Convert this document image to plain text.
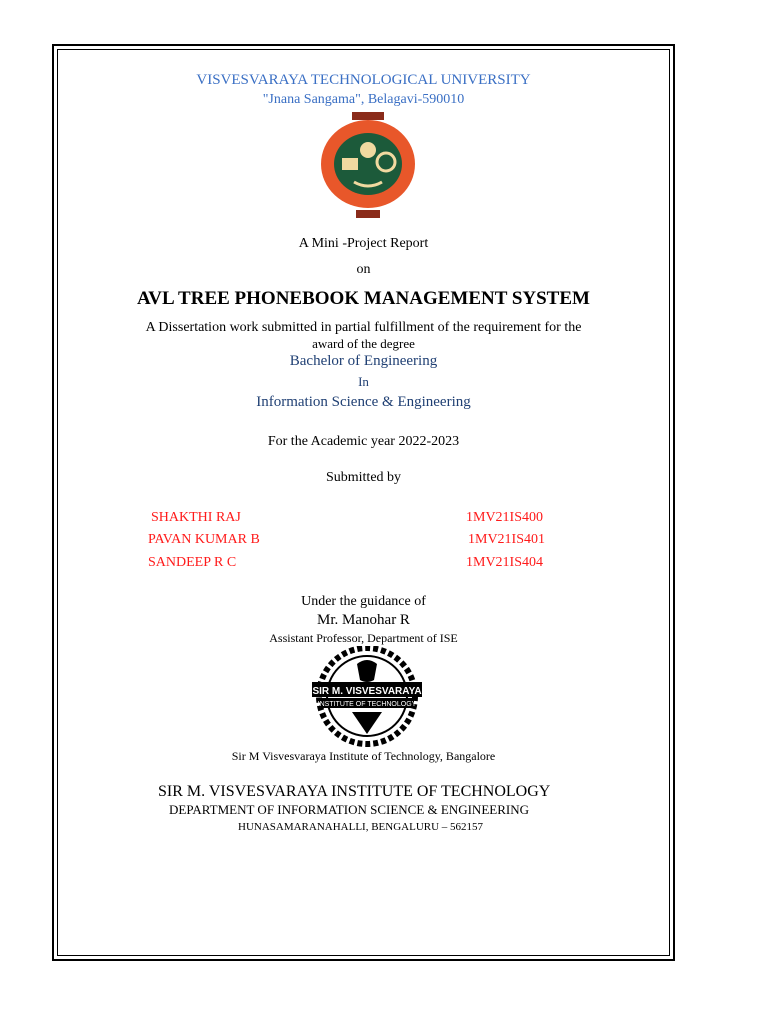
VISVESVARAYA TECHNOLOGICAL UNIVERSITY
"Jnana Sangama", Belagavi-590010
A Mini -Project Report
on
AVL TREE PHONEBOOK MANAGEMENT SYSTEM
A Dissertation work submitted in partial fulfillment of the requirement for the
award of the degree
Bachelor of Engineering
In
Information Science & Engineering
For the Academic year 2022-2023
Submitted by
SHAKTHI RAJ	1MV21IS400
PAVAN KUMAR B	1MV21IS401
SANDEEP R C	1MV21IS404
Under the guidance of
Mr. Manohar R
Assistant Professor, Department of ISE
SIR M. VISVESVARAYA
INSTITUTE OF TECHNOLOGY
Sir M Visvesvaraya Institute of Technology, Bangalore
SIR M. VISVESVARAYA INSTITUTE OF TECHNOLOGY
DEPARTMENT OF INFORMATION SCIENCE & ENGINEERING
HUNASAMARANAHALLI, BENGALURU – 562157
